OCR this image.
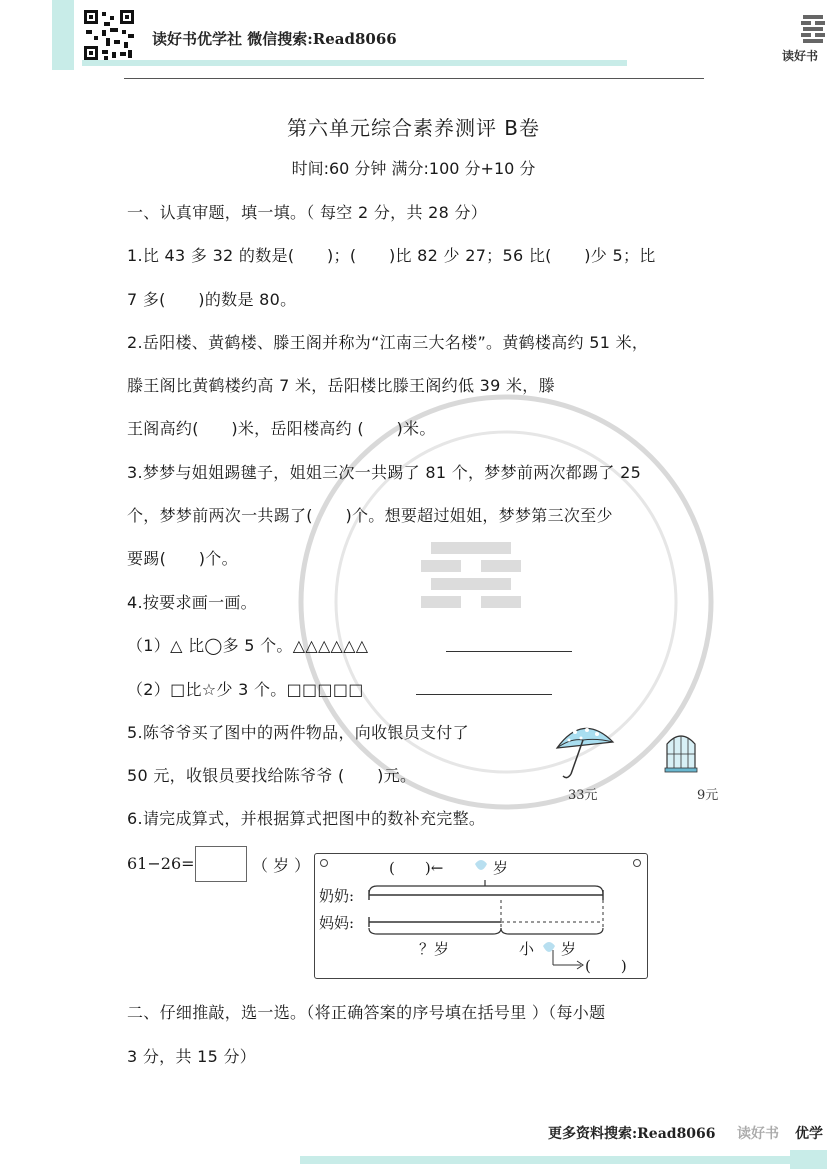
读好书优学社 微信搜索:Read8066
读好书
第六单元综合素养测评 B卷
时间:60 分钟 满分:100 分+10 分
一、认真审题，填一填。（ 每空 2 分，共 28 分）
1.比 43 多 32 的数是(　　)；(　　)比 82 少 27；56 比(　　)少 5；比
7 多(　　)的数是 80。
2.岳阳楼、黄鹤楼、滕王阁并称为“江南三大名楼”。黄鹤楼高约 51 米，
滕王阁比黄鹤楼约高 7 米，岳阳楼比滕王阁约低 39 米，滕
王阁高约(　　)米，岳阳楼高约 (　　)米。
3.梦梦与姐姐踢毽子，姐姐三次一共踢了 81 个，梦梦前两次都踢了 25
个，梦梦前两次一共踢了(　　)个。想要超过姐姐，梦梦第三次至少
要踢(　　)个。
4.按要求画一画。
（1）△ 比◯多 5 个。△△△△△△
（2）□比☆少 3 个。□□□□□
5.陈爷爷买了图中的两件物品，向收银员支付了
50 元，收银员要找给陈爷爷 (　　)元。
33元	9元
6.请完成算式，并根据算式把图中的数补充完整。
61−26=	（ 岁 ）	(　　)←	岁
奶奶:
妈妈:
？岁	小 岁
(　　)
二、仔细推敲，选一选。（将正确答案的序号填在括号里 ）（每小题
3 分，共 15 分）
更多资料搜索:Read8066 读好书 优学
